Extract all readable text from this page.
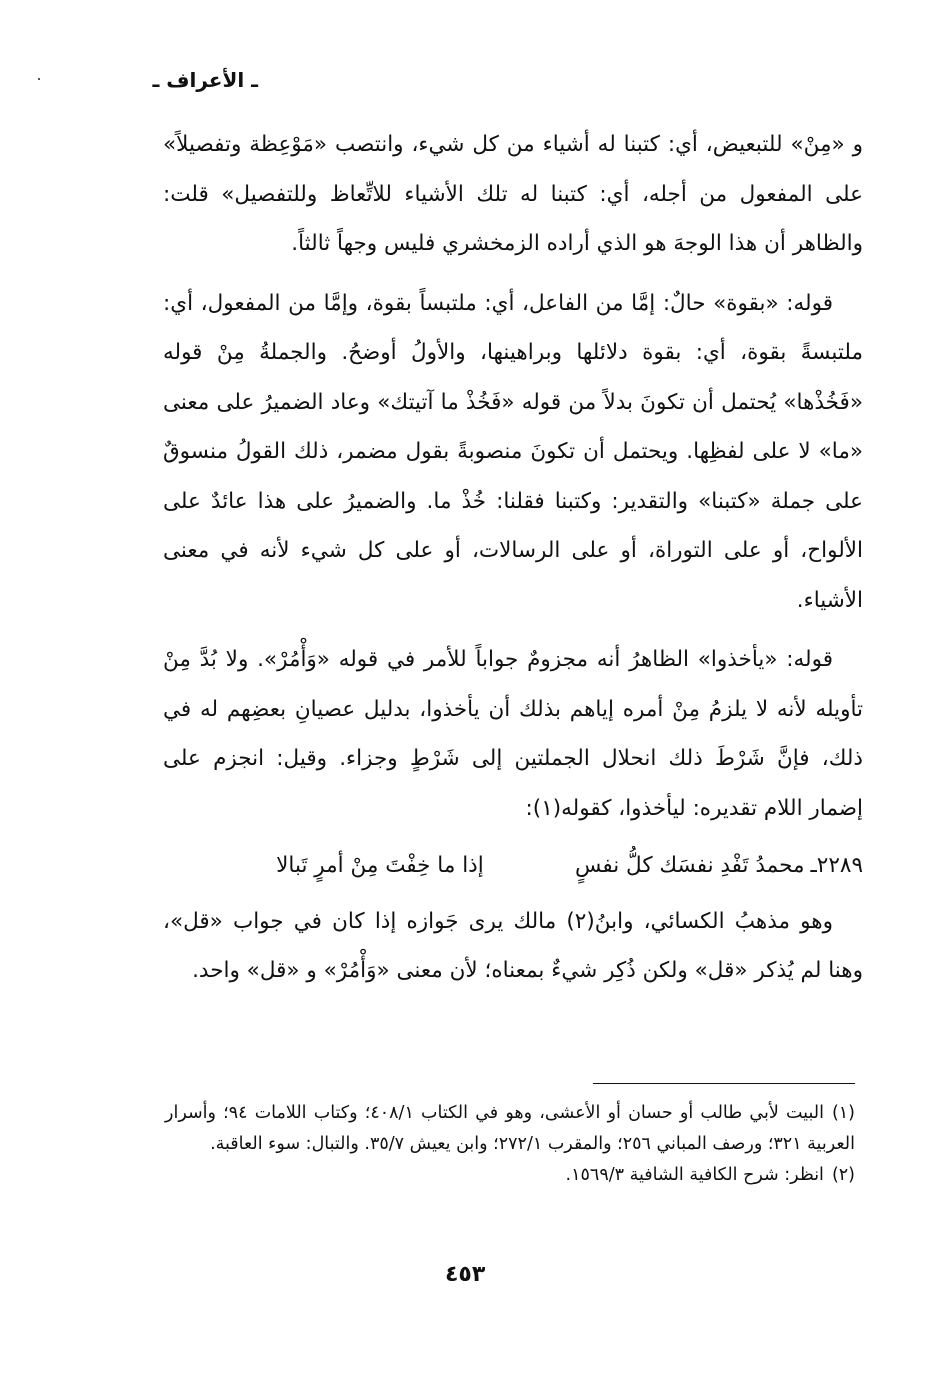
ـ الأعراف ـ

و «مِنْ» للتبعيض، أي: كتبنا له أشياء من كل شيء، وانتصب «مَوْعِظة وتفصيلاً» على المفعول من أجله، أي: كتبنا له تلك الأشياء للاتِّعاظ وللتفصيل» قلت: والظاهر أن هذا الوجهَ هو الذي أراده الزمخشري فليس وجهاً ثالثاً.

قوله: «بقوة» حالٌ: إمَّا من الفاعل، أي: ملتبساً بقوة، وإمَّا من المفعول، أي: ملتبسةً بقوة، أي: بقوة دلائلها وبراهينها، والأولُ أوضحُ. والجملةُ مِنْ قوله «فَخُذْها» يُحتمل أن تكونَ بدلاً من قوله «فَخُذْ ما آتيتك» وعاد الضميرُ على معنى «ما» لا على لفظِها. ويحتمل أن تكونَ منصوبةً بقول مضمر، ذلك القولُ منسوقٌ على جملة «كتبنا» والتقدير: وكتبنا فقلنا: خُذْ ما. والضميرُ على هذا عائدٌ على الألواح، أو على التوراة، أو على الرسالات، أو على كل شيء لأنه في معنى الأشياء.

قوله: «يأخذوا» الظاهرُ أنه مجزومٌ جواباً للأمر في قوله «وَأْمُرْ». ولا بُدَّ مِنْ تأويله لأنه لا يلزمُ مِنْ أمره إياهم بذلك أن يأخذوا، بدليل عصيانِ بعضِهم له في ذلك، فإنَّ شَرْطَ ذلك انحلال الجملتين إلى شَرْطٍ وجزاء. وقيل: انجزم على إضمار اللام تقديره: ليأخذوا، كقوله(١):

٢٢٨٩ـ
محمدُ تَفْدِ نفسَك كلُّ نفسٍ
إذا ما خِفْتَ مِنْ أمرٍ تَبالا

وهو مذهبُ الكسائي، وابنُ(٢) مالك يرى جَوازه إذا كان في جواب «قل»، وهنا لم يُذكر «قل» ولكن ذُكِر شيءٌ بمعناه؛ لأن معنى «وَأْمُرْ» و «قل» واحد.

(١)البيت لأبي طالب أو حسان أو الأعشى، وهو في الكتاب ٤٠٨/١؛ وكتاب اللامات ٩٤؛ وأسرار العربية ٣٢١؛ ورصف المباني ٢٥٦؛ والمقرب ٢٧٢/١؛ وابن يعيش ٣٥/٧. والتبال: سوء العاقبة.

(٢)انظر: شرح الكافية الشافية ١٥٦٩/٣.

٤٥٣
